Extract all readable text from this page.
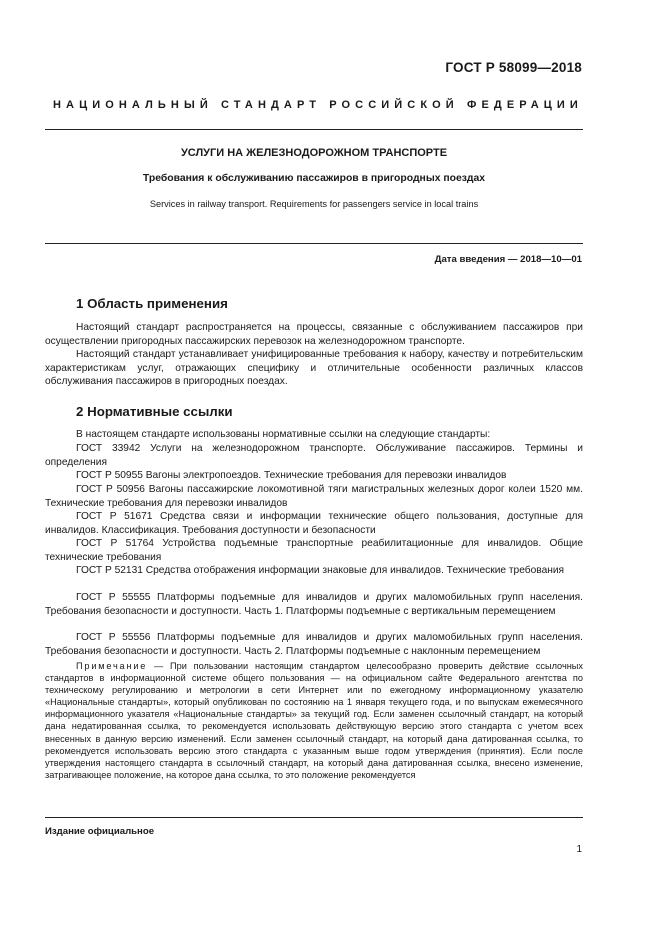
ГОСТ Р 58099—2018
НАЦИОНАЛЬНЫЙ СТАНДАРТ РОССИЙСКОЙ ФЕДЕРАЦИИ
УСЛУГИ НА ЖЕЛЕЗНОДОРОЖНОМ ТРАНСПОРТЕ
Требования к обслуживанию пассажиров в пригородных поездах
Services in railway transport. Requirements for passengers service in local trains
Дата введения — 2018—10—01
1 Область применения

Настоящий стандарт распространяется на процессы, связанные с обслуживанием пассажиров при осуществлении пригородных пассажирских перевозок на железнодорожном транспорте.

Настоящий стандарт устанавливает унифицированные требования к набору, качеству и потребительским характеристикам услуг, отражающих специфику и отличительные особенности различных классов обслуживания пассажиров в пригородных поездах.

2 Нормативные ссылки

В настоящем стандарте использованы нормативные ссылки на следующие стандарты:

ГОСТ 33942 Услуги на железнодорожном транспорте. Обслуживание пассажиров. Термины и определения

ГОСТ Р 50955 Вагоны электропоездов. Технические требования для перевозки инвалидов

ГОСТ Р 50956 Вагоны пассажирские локомотивной тяги магистральных железных дорог колеи 1520 мм. Технические требования для перевозки инвалидов

ГОСТ Р 51671 Средства связи и информации технические общего пользования, доступные для инвалидов. Классификация. Требования доступности и безопасности

ГОСТ Р 51764 Устройства подъемные транспортные реабилитационные для инвалидов. Общие технические требования

ГОСТ Р 52131 Средства отображения информации знаковые для инвалидов. Технические требования

ГОСТ Р 55555 Платформы подъемные для инвалидов и других маломобильных групп населения. Требования безопасности и доступности. Часть 1. Платформы подъемные с вертикальным перемещением

ГОСТ Р 55556 Платформы подъемные для инвалидов и других маломобильных групп населения. Требования безопасности и доступности. Часть 2. Платформы подъемные с наклонным перемещением

Примечание — При пользовании настоящим стандартом целесообразно проверить действие ссылочных стандартов в информационной системе общего пользования — на официальном сайте Федерального агентства по техническому регулированию и метрологии в сети Интернет или по ежегодному информационному указателю «Национальные стандарты», который опубликован по состоянию на 1 января текущего года, и по выпускам ежемесячного информационного указателя «Национальные стандарты» за текущий год. Если заменен ссылочный стандарт, на который дана недатированная ссылка, то рекомендуется использовать действующую версию этого стандарта с учетом всех внесенных в данную версию изменений. Если заменен ссылочный стандарт, на который дана датированная ссылка, то рекомендуется использовать версию этого стандарта с указанным выше годом утверждения (принятия). Если после утверждения настоящего стандарта в ссылочный стандарт, на который дана датированная ссылка, внесено изменение, затрагивающее положение, на которое дана ссылка, то это положение рекомендуется

Издание официальное
1
